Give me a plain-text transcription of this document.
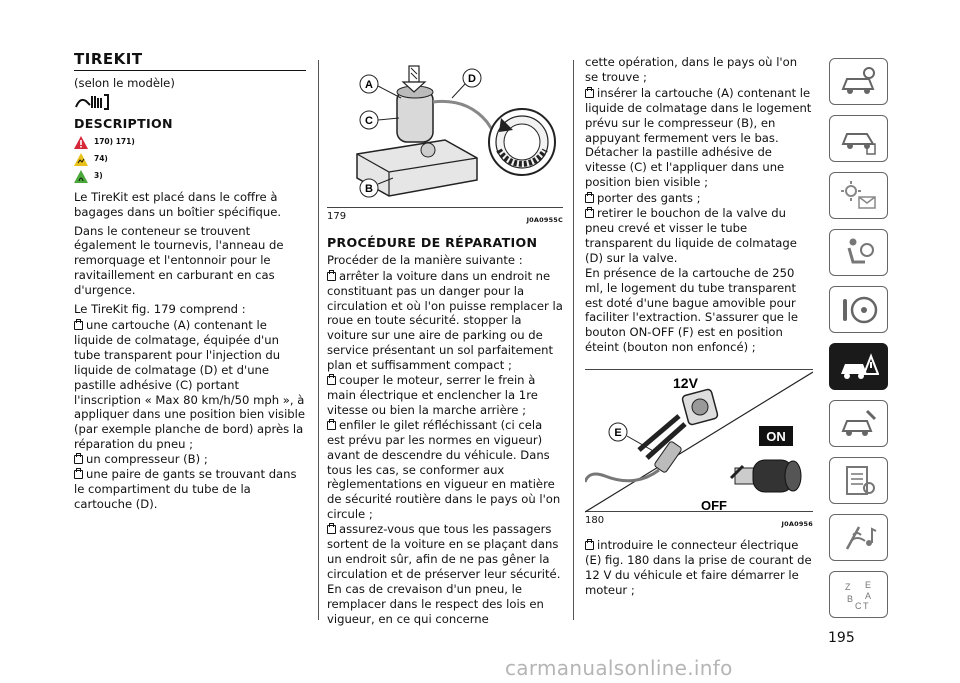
TIREKIT

(selon le modèle)

DESCRIPTION
170) 171)
74)
3)

Le TireKit est placé dans le coffre à bagages dans un boîtier spécifique.

Dans le conteneur se trouvent également le tournevis, l'anneau de remorquage et l'entonnoir pour le ravitaillement en carburant en cas d'urgence.

Le TireKit fig. 179 comprend :

une cartouche (A) contenant le liquide de colmatage, équipée d'un tube transparent pour l'injection du liquide de colmatage (D) et d'une pastille adhésive (C) portant l'inscription « Max 80 km/h/50 mph », à appliquer dans une position bien visible (par exemple planche de bord) après la réparation du pneu ;
un compresseur (B) ;
une paire de gants se trouvant dans le compartiment du tube de la cartouche (D).
A
C
B
D
179	J0A0955C
PROCÉDURE DE RÉPARATION

Procéder de la manière suivante :

arrêter la voiture dans un endroit ne constituant pas un danger pour la circulation et où l'on puisse remplacer la roue en toute sécurité. stopper la voiture sur une aire de parking ou de service présentant un sol parfaitement plan et suffisamment compact ;
couper le moteur, serrer le frein à main électrique et enclencher la 1re vitesse ou bien la marche arrière ;
enfiler le gilet réfléchissant (ci cela est prévu par les normes en vigueur) avant de descendre du véhicule. Dans tous les cas, se conformer aux règlementations en vigueur en matière de sécurité routière dans le pays où l'on circule ;
assurez-vous que tous les passagers sortent de la voiture en se plaçant dans un endroit sûr, afin de ne pas gêner la circulation et de préserver leur sécurité. En cas de crevaison d'un pneu, le remplacer dans le respect des lois en vigueur, en ce qui concerne

cette opération, dans le pays où l'on se trouve ;

insérer la cartouche (A) contenant le liquide de colmatage dans le logement prévu sur le compresseur (B), en appuyant fermement vers le bas.

Détacher la pastille adhésive de vitesse (C) et l'appliquer dans une position bien visible ;

porter des gants ;
retirer le bouchon de la valve du pneu crevé et visser le tube transparent du liquide de colmatage (D) sur la valve.

En présence de la cartouche de 250 ml, le logement du tube transparent est doté d'une bague amovible pour faciliter l'extraction. S'assurer que le bouton ON-OFF (F) est en position éteint (bouton non enfoncé) ;

12V
E	ON
OFF
180	J0A0956
introduire le connecteur électrique (E) fig. 180 dans la prise de courant de 12 V du véhicule et faire démarrer le moteur ;	Z E
A
B
C T
195
carmanualsonline.info
